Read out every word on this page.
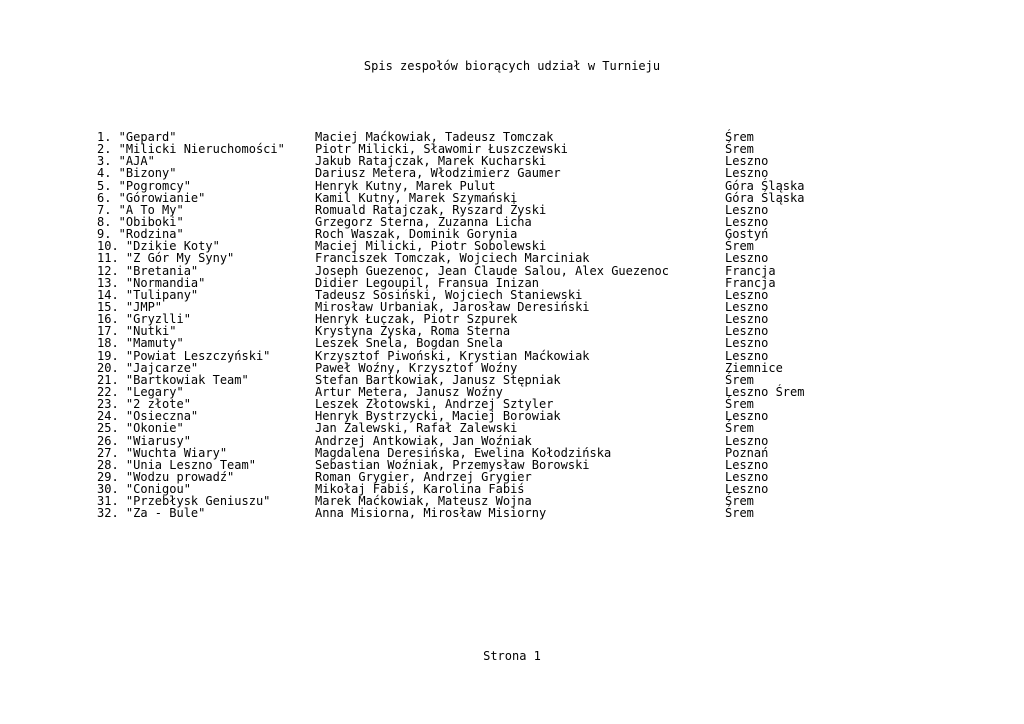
Spis zespołów biorących udział w Turnieju
1. "Gepard"	Maciej Maćkowiak, Tadeusz Tomczak	Śrem
2. "Milicki Nieruchomości"	Piotr Milicki, Sławomir Łuszczewski	Śrem
3. "AJA"	Jakub Ratajczak, Marek Kucharski	Leszno
4. "Bizony"	Dariusz Metera, Włodzimierz Gaumer	Leszno
5. "Pogromcy"	Henryk Kutny, Marek Pulut	Góra Śląska
6. "Górowianie"	Kamil Kutny, Marek Szymański	Góra Śląska
7. "A To My"	Romuald Ratajczak, Ryszard Żyski	Leszno
8. "Obiboki"	Grzegorz Sterna, Zuzanna Licha	Leszno
9. "Rodzina"	Roch Waszak, Dominik Gorynia	Gostyń
10. "Dzikie Koty"	Maciej Milicki, Piotr Sobolewski	Śrem
11. "Z Gór My Syny"	Franciszek Tomczak, Wojciech Marciniak	Leszno
12. "Bretania"	Joseph Guezenoc, Jean Claude Salou, Alex Guezenoc	Francja
13. "Normandia"	Didier Legoupil, Fransua Inizan	Francja
14. "Tulipany"	Tadeusz Sosiński, Wojciech Staniewski	Leszno
15. "JMP"	Mirosław Urbaniak, Jarosław Deresiński	Leszno
16. "Gryzlli"	Henryk Łuczak, Piotr Szpurek	Leszno
17. "Nutki"	Krystyna Żyska, Roma Sterna	Leszno
18. "Mamuty"	Leszek Snela, Bogdan Snela	Leszno
19. "Powiat Leszczyński"	Krzysztof Piwoński, Krystian Maćkowiak	Leszno
20. "Jajcarze"	Paweł Woźny, Krzysztof Woźny	Ziemnice
21. "Bartkowiak Team"	Stefan Bartkowiak, Janusz Stępniak	Śrem
22. "Legary"	Artur Metera, Janusz Woźny	Leszno Śrem
23. "2 złote"	Leszek Złotowski, Andrzej Sztyler	Śrem
24. "Osieczna"	Henryk Bystrzycki, Maciej Borowiak	Leszno
25. "Okonie"	Jan Zalewski, Rafał Zalewski	Śrem
26. "Wiarusy"	Andrzej Antkowiak, Jan Woźniak	Leszno
27. "Wuchta Wiary"	Magdalena Deresińska, Ewelina Kołodzińska	Poznań
28. "Unia Leszno Team"	Sebastian Woźniak, Przemysław Borowski	Leszno
29. "Wodzu prowadź"	Roman Grygier, Andrzej Grygier	Leszno
30. "Conigou"	Mikołaj Fabiś, Karolina Fabiś	Leszno
31. "Przebłysk Geniuszu"	Marek Maćkowiak, Mateusz Wojna	Śrem
32. "Za - Bule"	Anna Misiorna, Mirosław Misiorny	Śrem
Strona 1
